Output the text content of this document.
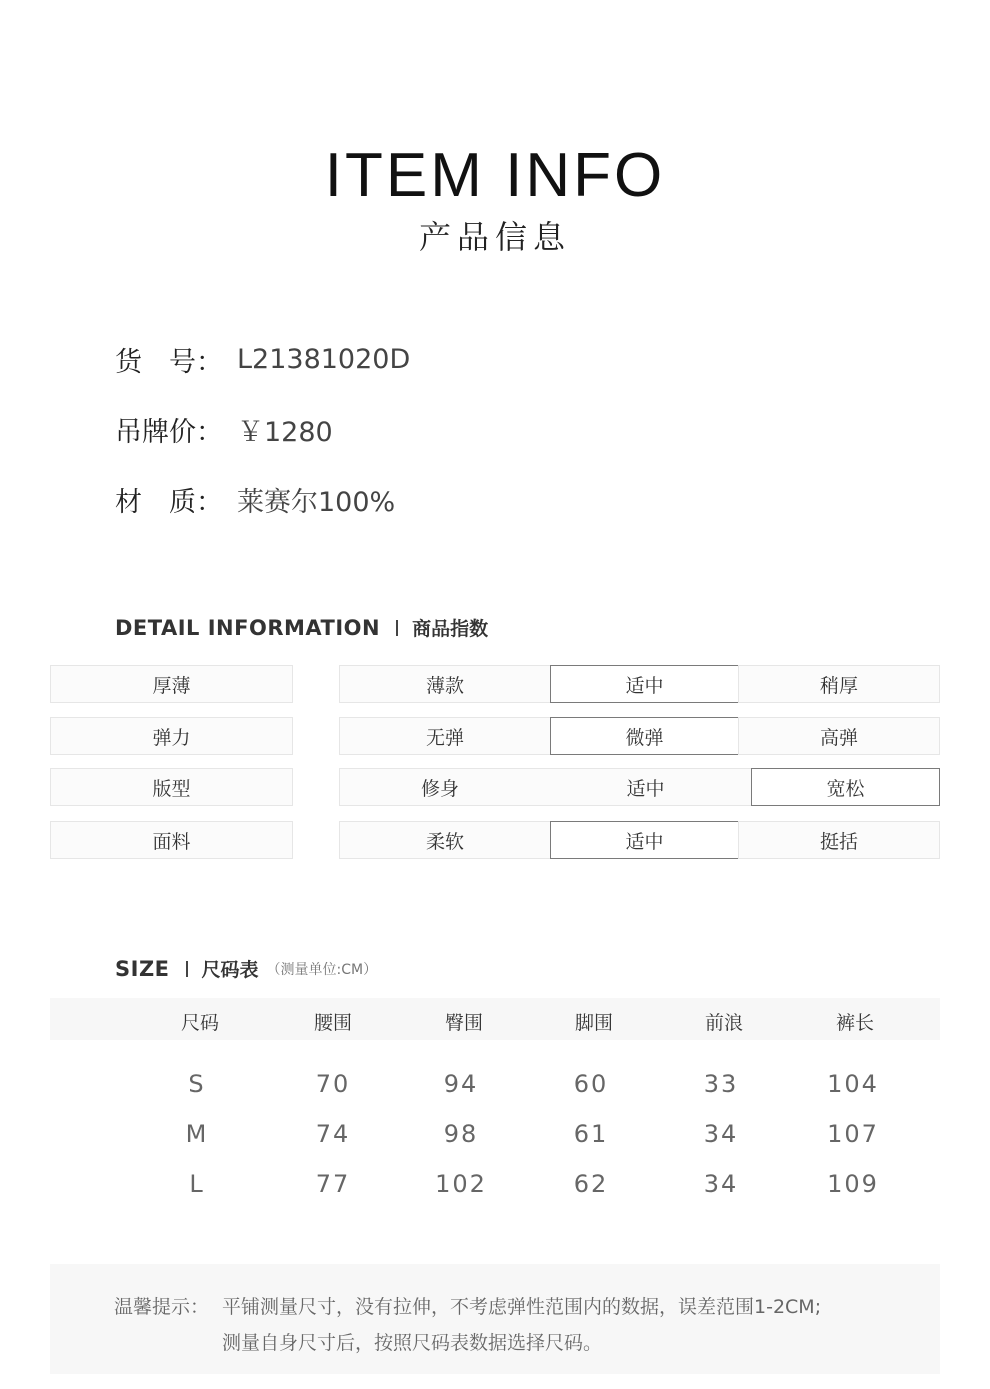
ITEM INFO
产品信息
货　号： L21381020D
吊牌价： ￥1280
材　质： 莱赛尔100%
DETAIL INFORMATION 商品指数
厚薄	薄款	适中	稍厚
弹力	无弹	微弹	高弹
版型	修身	适中	宽松
面料	柔软	适中	挺括
SIZE 尺码表 （测量单位:CM）
尺码	腰围	臀围	脚围	前浪	裤长
S	70	94	60	33	104
M	74	98	61	34	107
L	77	102	62	34	109
温馨提示： 平铺测量尺寸，没有拉伸，不考虑弹性范围内的数据，误差范围1-2CM;
测量自身尺寸后，按照尺码表数据选择尺码。
